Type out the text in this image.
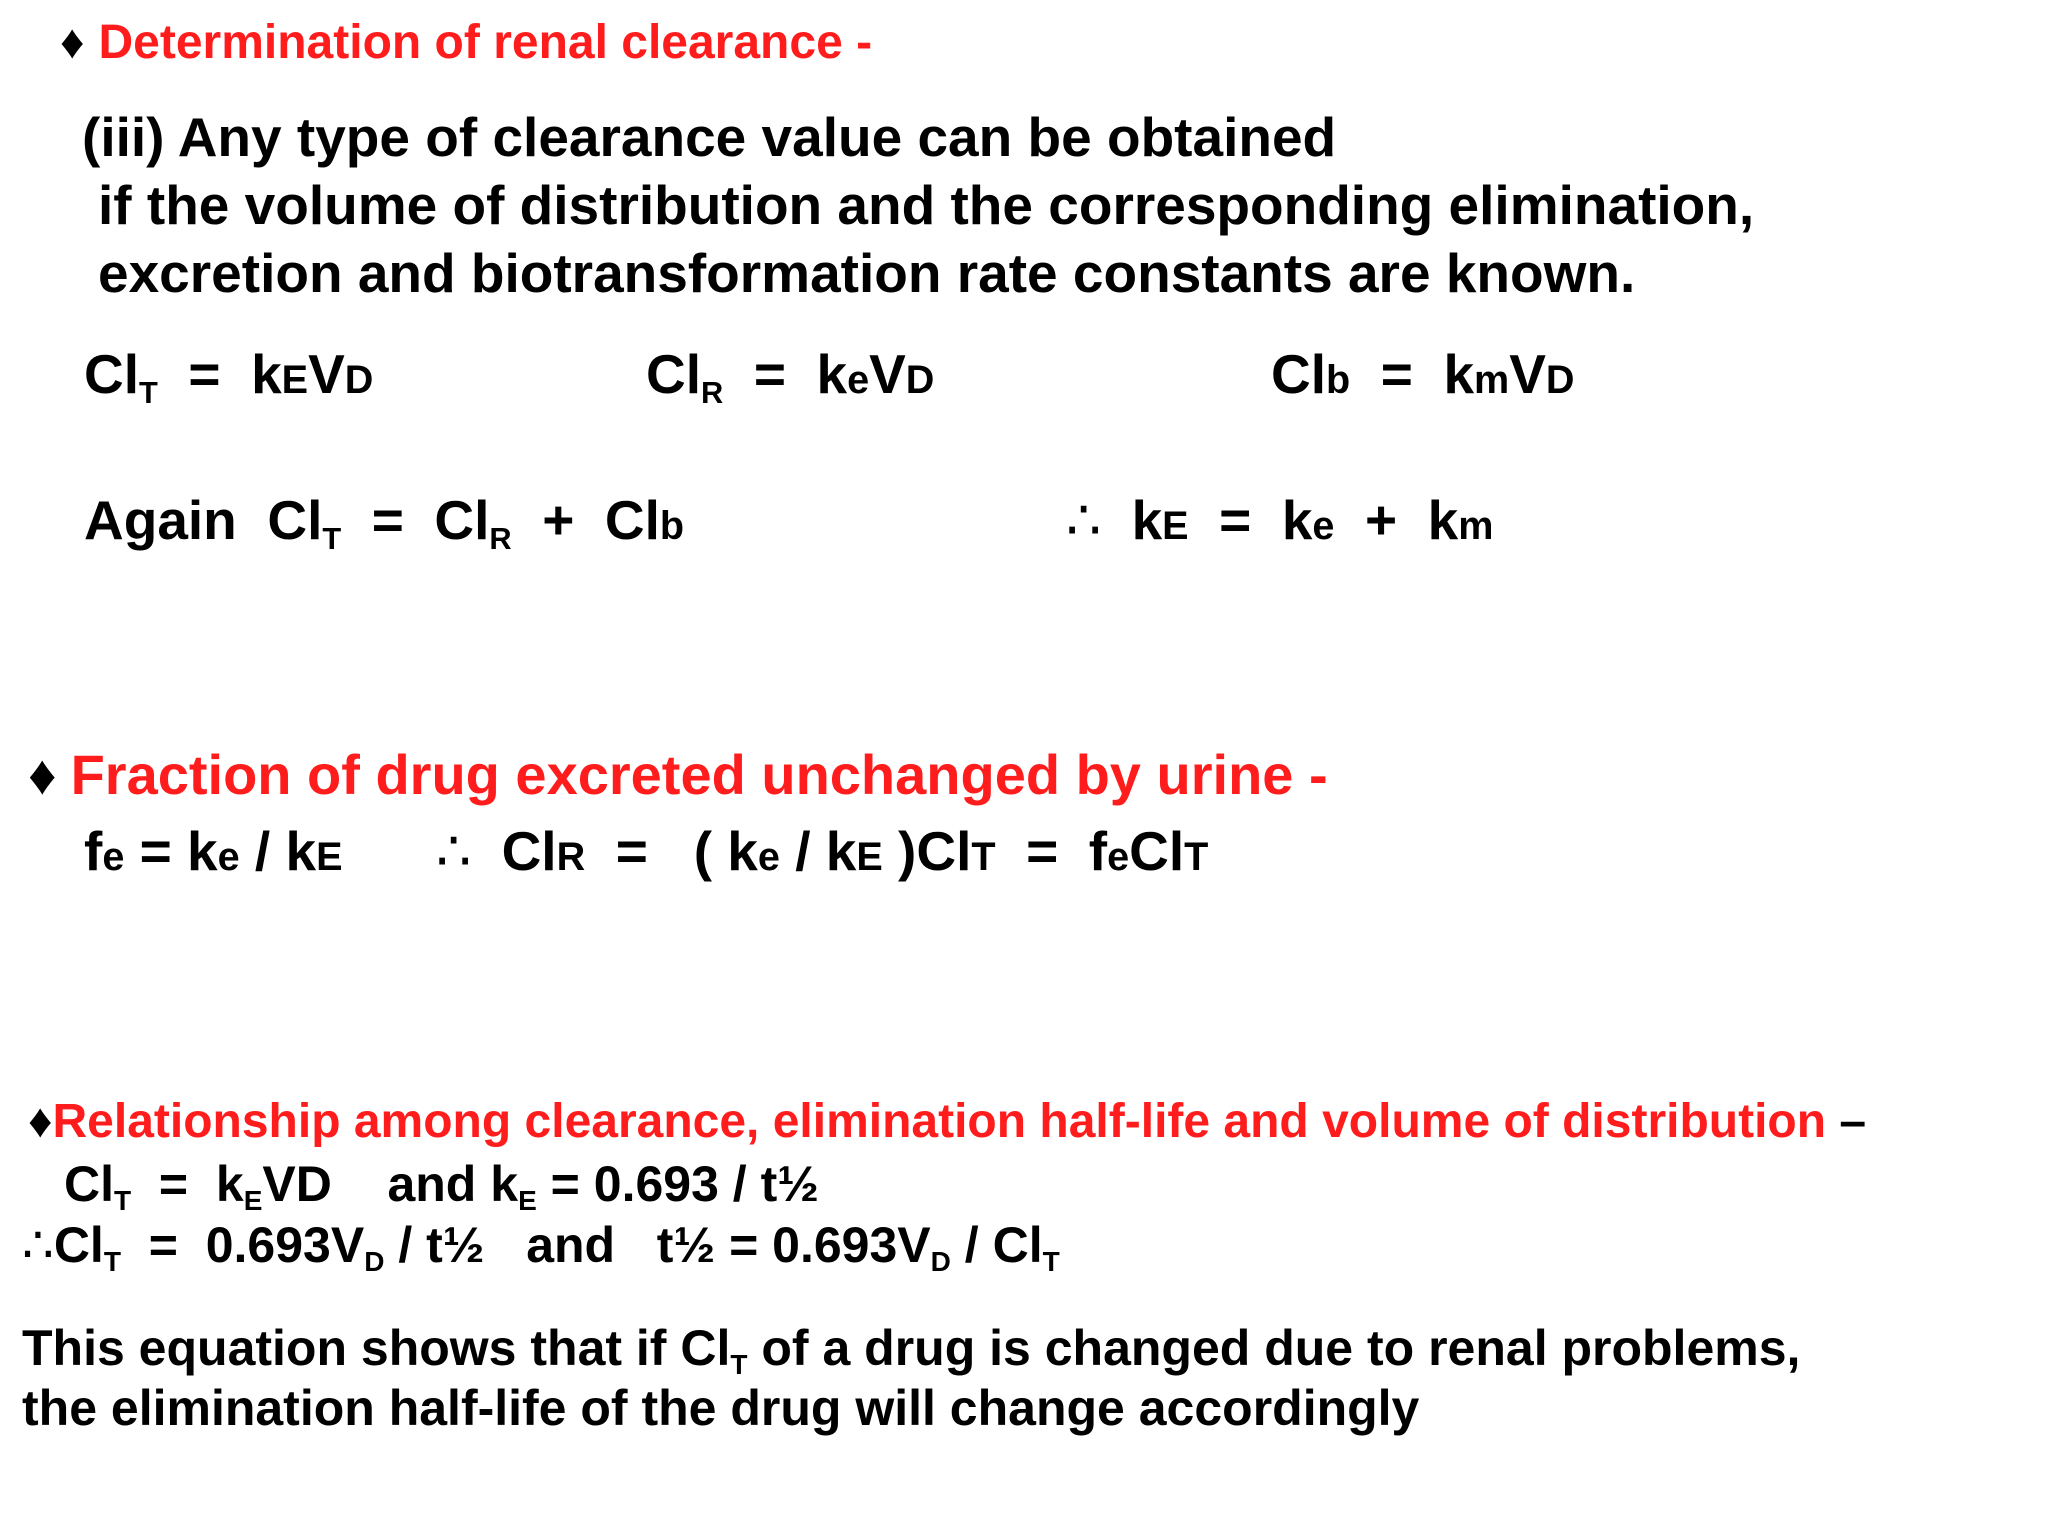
♦ Determination of renal clearance -
(iii) Any type of clearance value can be obtained
if the volume of distribution and the corresponding elimination,
excretion and biotransformation rate constants are known.
$Cl_T$ = kEVD	$Cl_R$ = keVD	Clb = kmVD
Again $Cl_T = Cl_R$ + Clb	∴ kE = ke + km
♦ Fraction of drug excreted unchanged by urine -
fe = ke / kE ∴ ClR = ( ke / kE )ClT = feClT
♦Relationship among clearance, elimination half-life and volume of distribution –
$Cl_T = k_EVD$ and $k_E = 0.693$ / t½
$\therefore Cl_T = 0.693V_D$ / t½ and t½ = $0.693V_D / Cl_T$
This equation shows that if $Cl_T$ of a drug is changed due to renal problems,
the elimination half-life of the drug will change accordingly
